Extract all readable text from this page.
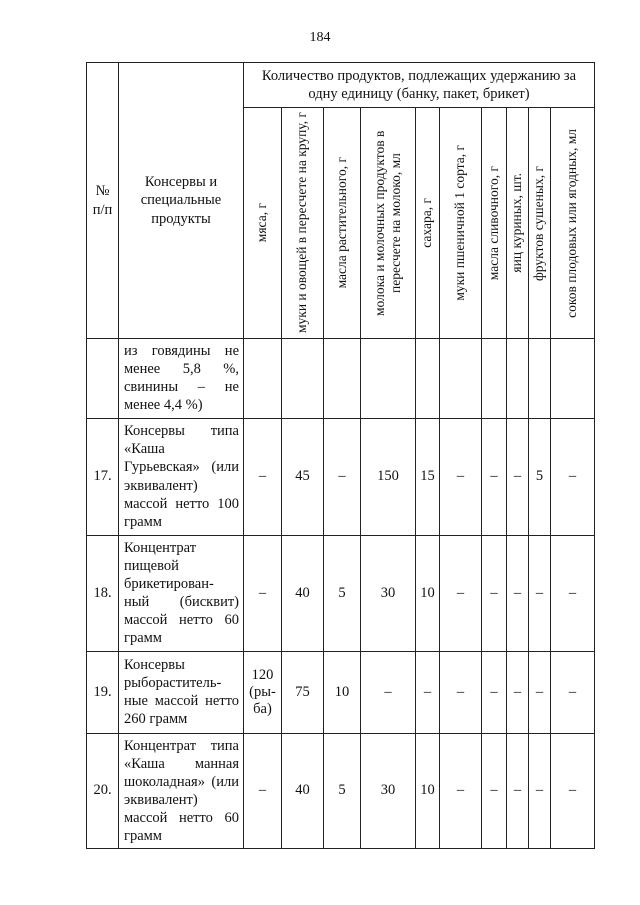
184
№
п/п	Консервы и специальные продукты	Количество продуктов, подлежащих удержанию за одну единицу (банку, пакет, брикет)									

		мяса, г	муки и овощей в пересчете на крупу, г	масла растительного, г	молока и молочных продуктов в пересчете на молоко, мл	сахара, г	муки пшеничной 1 сорта, г	масла сливочного, г	яиц куриных, шт.	фруктов сушеных, г	соков плодовых или ягодных, мл

	из говядины не менее 5,8 %, свинины – не менее 4,4 %)										
17.	Консервы типа «Каша Гурьевская» (или эквивалент) массой нетто 100 грамм	–	45	–	150	15	–	–	–	5	–
18.	Концентрат пищевой брикетирован-ный (бисквит) массой нетто 60 грамм	–	40	5	30	10	–	–	–	–	–
19.	Консервы рыбораститель-ные массой нетто 260 грамм	120 (ры-ба)	75	10	–	–	–	–	–	–	–
20.	Концентрат типа «Каша манная шоколадная» (или эквивалент) массой нетто 60 грамм	–	40	5	30	10	–	–	–	–	–
